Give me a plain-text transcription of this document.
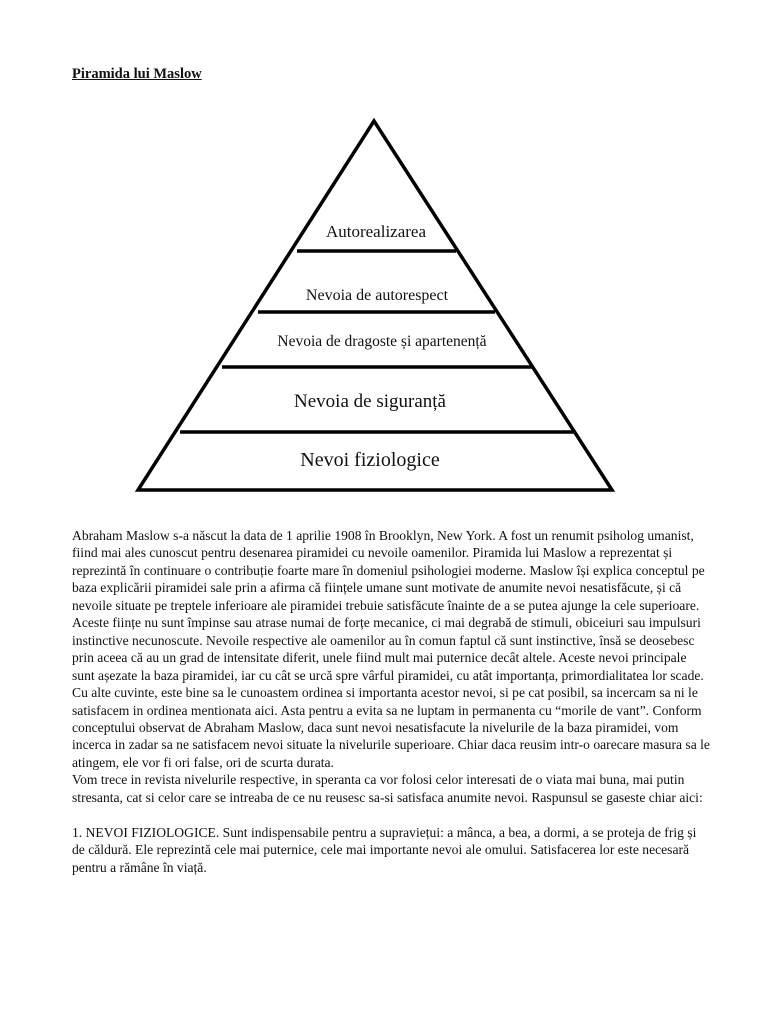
Piramida lui Maslow
Autorealizarea
Nevoia de autorespect
Nevoia de dragoste și apartenență
Nevoia de siguranță
Nevoi fiziologice

Abraham Maslow s-a născut la data de 1 aprilie 1908 în Brooklyn, New York. A fost un renumit psiholog umanist, fiind mai ales cunoscut pentru desenarea piramidei cu nevoile oamenilor. Piramida lui Maslow a reprezentat și reprezintă în continuare o contribuție foarte mare în domeniul psihologiei moderne. Maslow își explica conceptul pe baza explicării piramidei sale prin a afirma că ființele umane sunt motivate de anumite nevoi nesatisfăcute, și că nevoile situate pe treptele inferioare ale piramidei trebuie satisfăcute înainte de a se putea ajunge la cele superioare. Aceste ființe nu sunt împinse sau atrase numai de forțe mecanice, ci mai degrabă de stimuli, obiceiuri sau impulsuri instinctive necunoscute. Nevoile respective ale oamenilor au în comun faptul că sunt instinctive, însă se deosebesc prin aceea că au un grad de intensitate diferit, unele fiind mult mai puternice decât altele. Aceste nevoi principale sunt așezate la baza piramidei, iar cu cât se urcă spre vârful piramidei, cu atât importanța, primordialitatea lor scade. Cu alte cuvinte, este bine sa le cunoastem ordinea si importanta acestor nevoi, si pe cat posibil, sa incercam sa ni le satisfacem in ordinea mentionata aici. Asta pentru a evita sa ne luptam in permanenta cu “morile de vant”. Conform conceptului observat de Abraham Maslow, daca sunt nevoi nesatisfacute la nivelurile de la baza piramidei, vom incerca in zadar sa ne satisfacem nevoi situate la nivelurile superioare. Chiar daca reusim intr-o oarecare masura sa le atingem, ele vor fi ori false, ori de scurta durata.

Vom trece in revista nivelurile respective, in speranta ca vor folosi celor interesati de o viata mai buna, mai putin stresanta, cat si celor care se intreaba de ce nu reusesc sa-si satisfaca anumite nevoi. Raspunsul se gaseste chiar aici:

1. NEVOI FIZIOLOGICE. Sunt indispensabile pentru a supraviețui: a mânca, a bea, a dormi, a se proteja de frig și de căldură. Ele reprezintă cele mai puternice, cele mai importante nevoi ale omului. Satisfacerea lor este necesară pentru a rămâne în viață.
